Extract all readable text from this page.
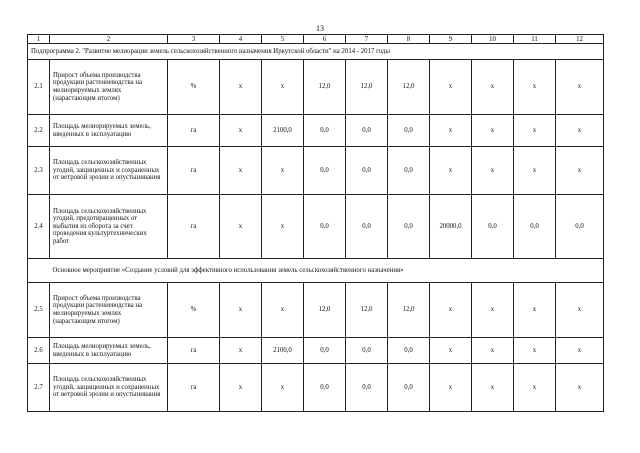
13
1	2	3	4	5	6	7	8	9	10	11	12
Подпрограмма 2. "Развитие мелиорации земель сельскохозяйственного назначения Иркутской области" на 2014 - 2017 годы											
2.1	Прирост объема производства продукции растениеводства на мелиорируемых землях (нарастающим итогом)	%	х	х	12,0	12,0	12,0	х	х	х	х
2.2	Площадь мелиорируемых земель, введенных в эксплуатацию	га	х	2100,0	0,0	0,0	0,0	х	х	х	х
2.3	Площадь сельскохозяйственных угодий, защищенных и сохраненных от ветровой эрозии и опустынивания	га	х	х	0,0	0,0	0,0	х	х	х	х
2.4	Площадь сельскохозяйственных угодий, предотвращенных от выбытия из оборота за счет проведения культуртехнических работ	га	х	х	0,0	0,0	0,0	20000,0	0,0	0,0	0,0
	Основное мероприятие «Создание условий для эффективного использования земель сельскохозяйственного назначения»										
2.5	Прирост объема производства продукции растениеводства на мелиорируемых землях (нарастающим итогом)	%	х	х	12,0	12,0	12,0	х	х	х	х
2.6	Площадь мелиорируемых земель, введенных в эксплуатацию	га	х	2100,0	0,0	0,0	0,0	х	х	х	х
2.7	Площадь сельскохозяйственных угодий, защищенных и сохраненных от ветровой эрозии и опустынивания	га	х	х	0,0	0,0	0,0	х	х	х	х
